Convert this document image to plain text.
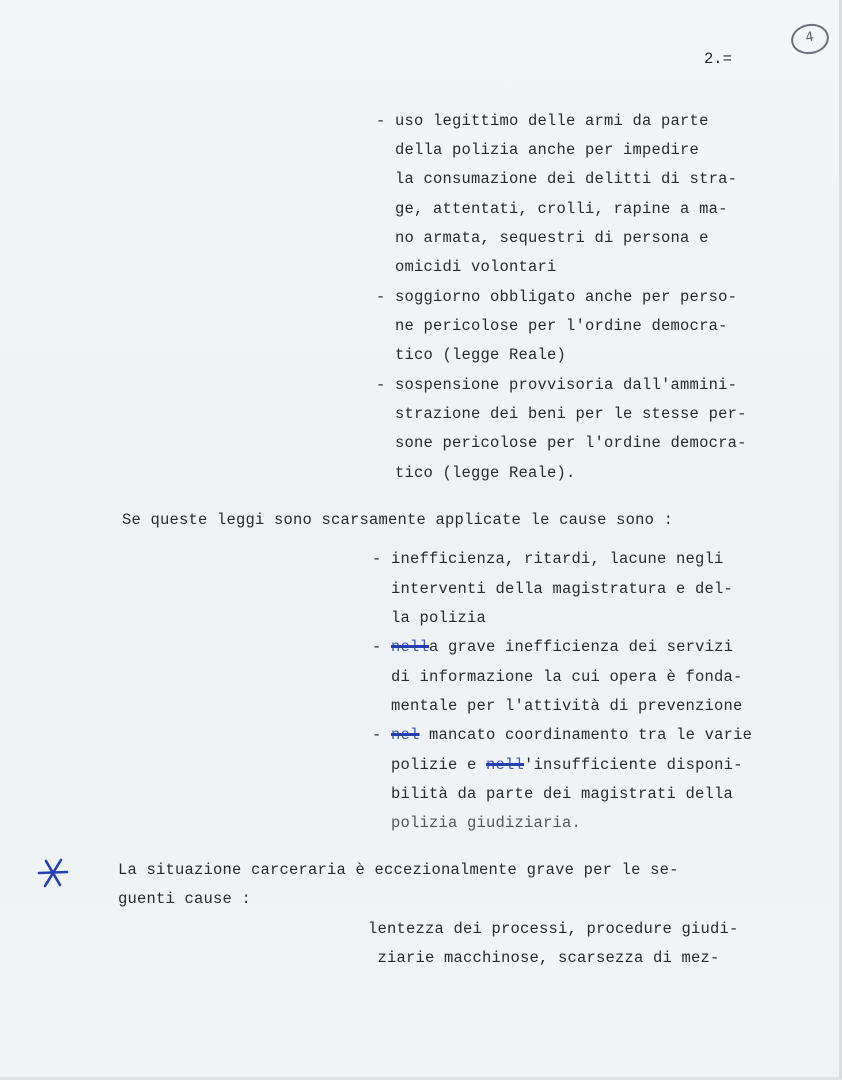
2.=
4
- uso legittimo delle armi da parte
della polizia anche per impedire
la consumazione dei delitti di stra-
ge, attentati, crolli, rapine a ma-
no armata, sequestri di persona e
omicidi volontari
- soggiorno obbligato anche per perso-
ne pericolose per l'ordine democra-
tico (legge Reale)
- sospensione provvisoria dall'ammini-
strazione dei beni per le stesse per-
sone pericolose per l'ordine democra-
tico (legge Reale).
Se queste leggi sono scarsamente applicate le cause sono :
- inefficienza, ritardi, lacune negli
interventi della magistratura e del-
la polizia
- nella grave inefficienza dei servizi
di informazione la cui opera è fonda-
mentale per l'attività di prevenzione
- nel mancato coordinamento tra le varie
polizie e nell'insufficiente disponi-
bilità da parte dei magistrati della
polizia giudiziaria.
La situazione carceraria è eccezionalmente grave per le se-
guenti cause :
lentezza dei processi, procedure giudi-
ziarie macchinose, scarsezza di mez-
